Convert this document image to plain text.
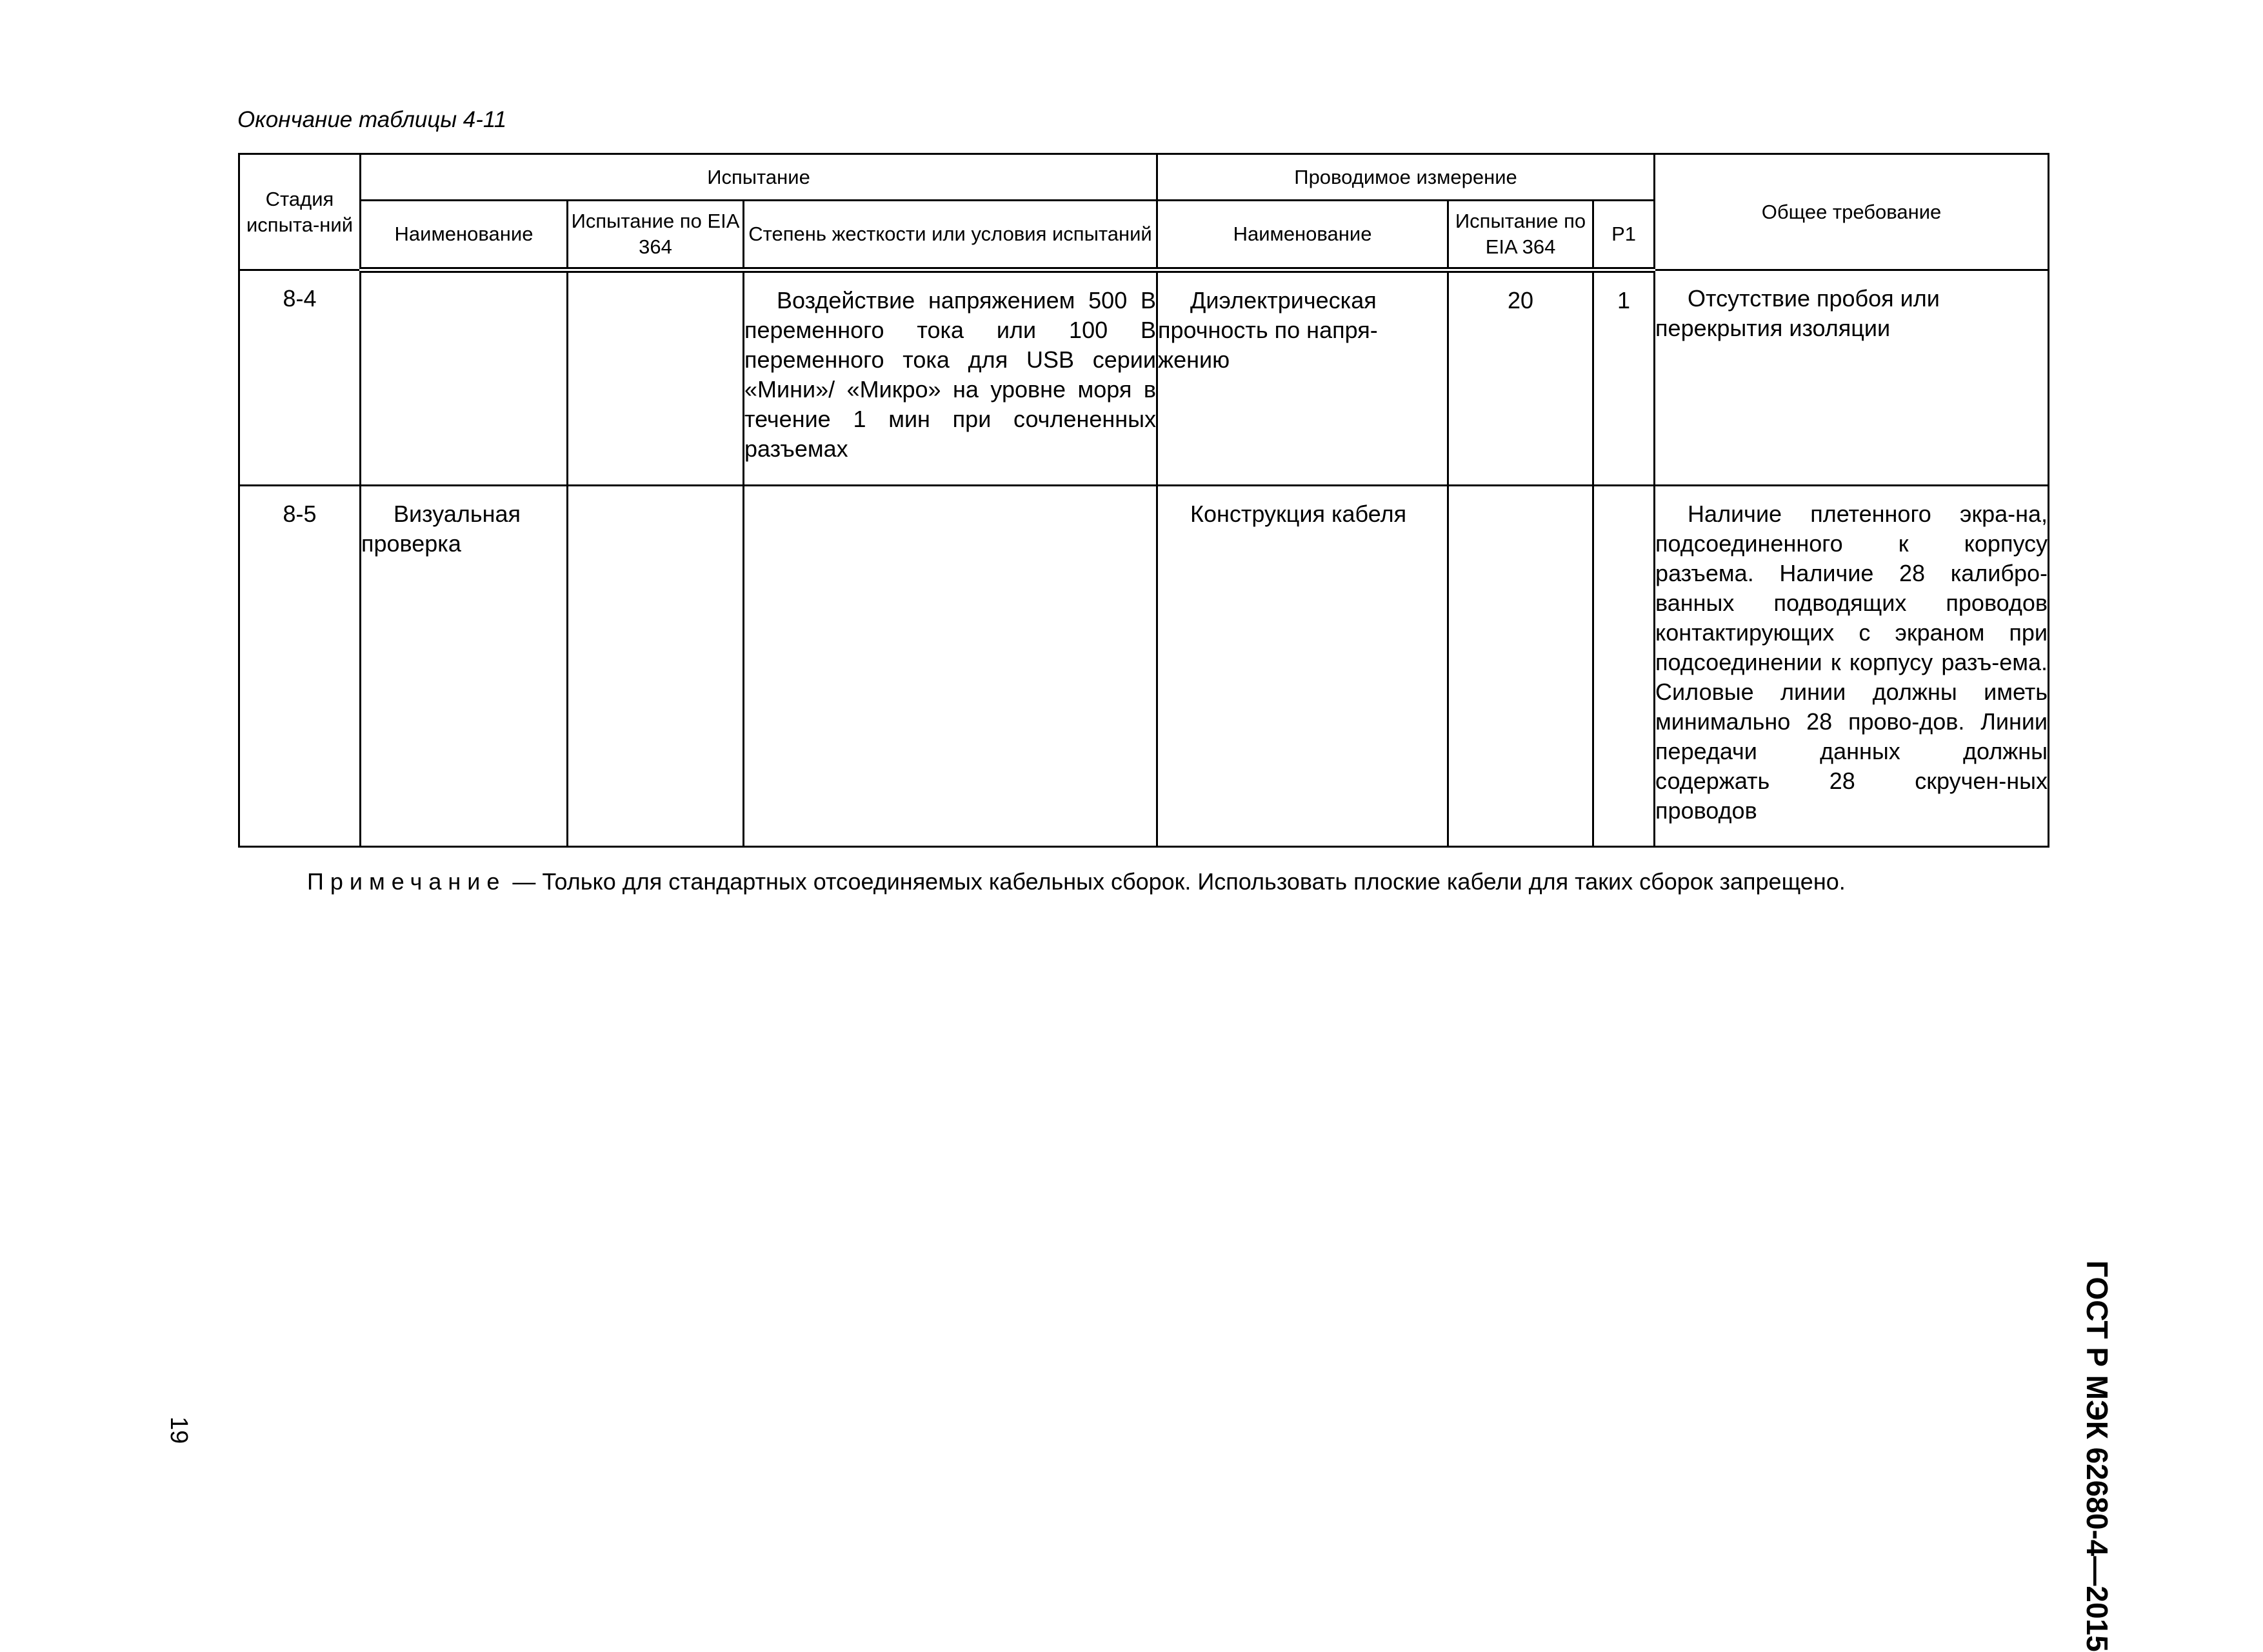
Окончание таблицы 4-11
Стадия испыта-ний	Испытание			Проводимое измерение			Общее требование
	Наименование	Испытание по EIA 364	Степень жесткости или условия испытаний	Наименование	Испытание по EIA 364	P1	
8-4			Воздействие напряжением 500 В переменного тока или 100 В переменного тока для USB серии «Мини»/ «Микро» на уровне моря в течение 1 мин при сочлененных разъемах	Диэлектрическая прочность по напря-жению	20	1	Отсутствие пробоя или перекрытия изоляции
8-5	Визуальная проверка			Конструкция кабеля			Наличие плетенного экра-на, подсоединенного к корпусу разъема. Наличие 28 калибро-ванных подводящих проводов контактирующих с экраном при подсоединении к корпусу разъ-ема. Силовые линии должны иметь минимально 28 прово-дов. Линии передачи данных должны содержать 28 скручен-ных проводов
Примечание — Только для стандартных отсоединяемых кабельных сборок. Использовать плоские кабели для таких сборок запрещено.
ГОСТ Р МЭК 62680-4—2015
19
